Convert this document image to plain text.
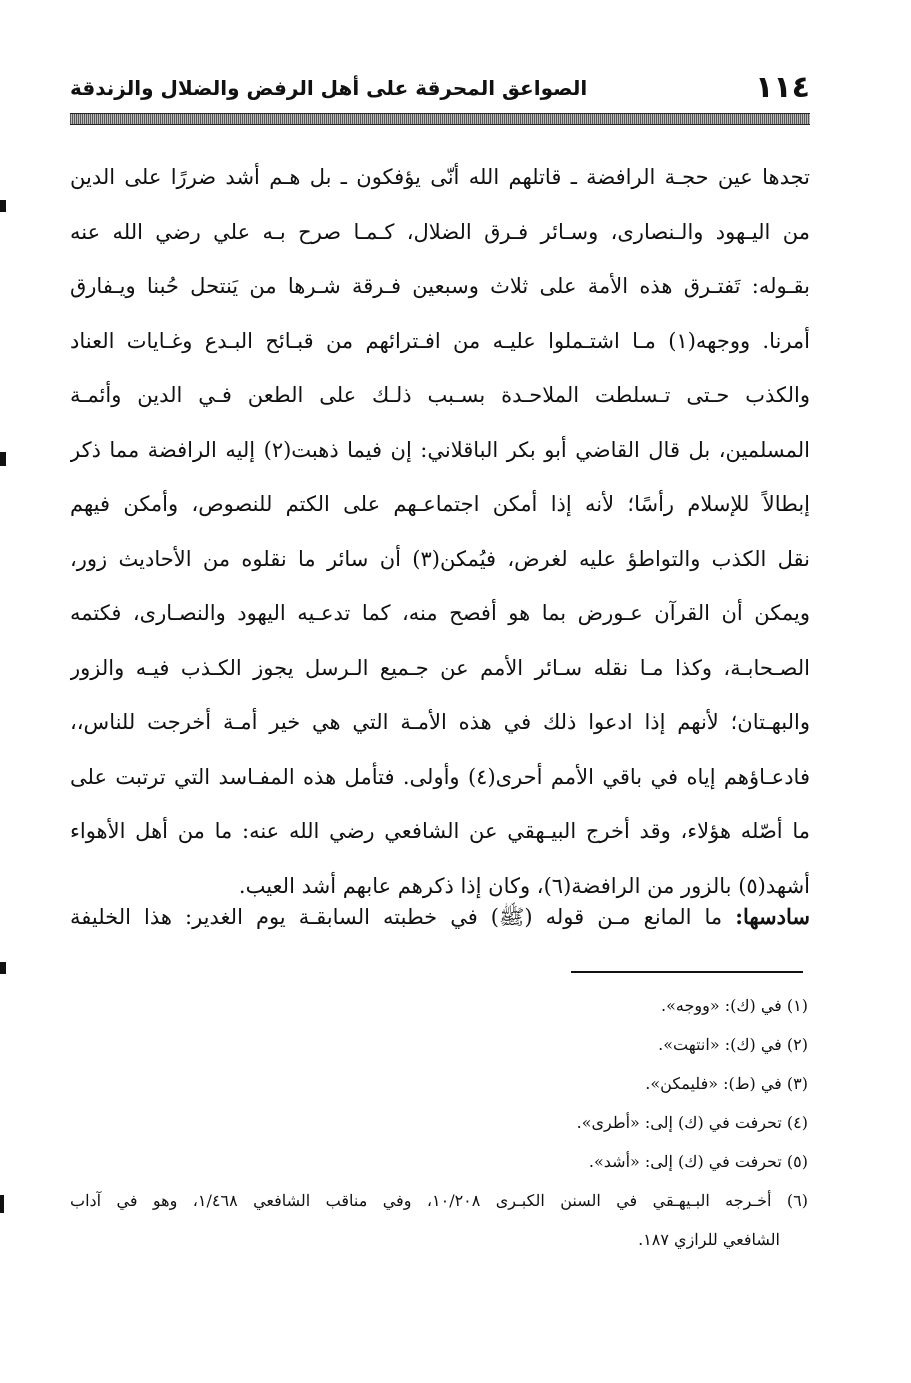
١١٤
الصواعق المحرقة على أهل الرفض والضلال والزندقة
تجدها عين حجـة الرافضة ـ قاتلهم الله أنّى يؤفكون ـ بل هـم أشد ضررًا على الدين
من اليـهود والـنصارى، وسـائر فـرق الضلال، كـمـا صرح بـه علي رضي الله عنه
بقـوله: تَفتـرق هذه الأمة على ثلاث وسبعين فـرقة شـرها من يَنتحل حُبنا ويـفارق
أمرنا. ووجهه(١) مـا اشتـملوا عليـه من افـترائهم من قبـائح البـدع وغـايات العناد
والكذب حـتى تـسلطت الملاحـدة بسـبب ذلـك على الطعن فـي الدين وأئمـة
المسلمين، بل قال القاضي أبو بكر الباقلاني: إن فيما ذهبت(٢) إليه الرافضة مما ذكر
إبطالاً للإسلام رأسًا؛ لأنه إذا أمكن اجتماعـهم على الكتم للنصوص، وأمكن فيهم
نقل الكذب والتواطؤ عليه لغرض، فيُمكن(٣) أن سائر ما نقلوه من الأحاديث زور،
ويمكن أن القرآن عـورض بما هو أفصح منه، كما تدعـيه اليهود والنصـارى، فكتمه
الصـحابـة، وكذا مـا نقله سـائر الأمم عن جـميع الـرسل يجوز الكـذب فيـه والزور
والبهـتان؛ لأنهم إذا ادعوا ذلك في هذه الأمـة التي هي خير أمـة أخرجت للناس،،
فادعـاؤهم إياه في باقي الأمم أحرى(٤) وأولى. فتأمل هذه المفـاسد التي ترتبت على
ما أصّله هؤلاء، وقد أخرج البيـهقي عن الشافعي رضي الله عنه: ما من أهل الأهواء
أشهد(٥) بالزور من الرافضة(٦)، وكان إذا ذكرهم عابهم أشد العيب.
سادسها: ما المانع مـن قوله (ﷺ) في خطبته السابقـة يوم الغدير: هذا الخليفة
(١) في (ك): «ووجه».
(٢) في (ك): «انتهت».
(٣) في (ط): «فليمكن».
(٤) تحرفت في (ك) إلى: «أطرى».
(٥) تحرفت في (ك) إلى: «أشد».
(٦) أخـرجه البـيهـقي في السنن الكبـرى ١٠/٢٠٨، وفي مناقب الشافعي ١/٤٦٨، وهو في آداب
الشافعي للرازي ١٨٧.
